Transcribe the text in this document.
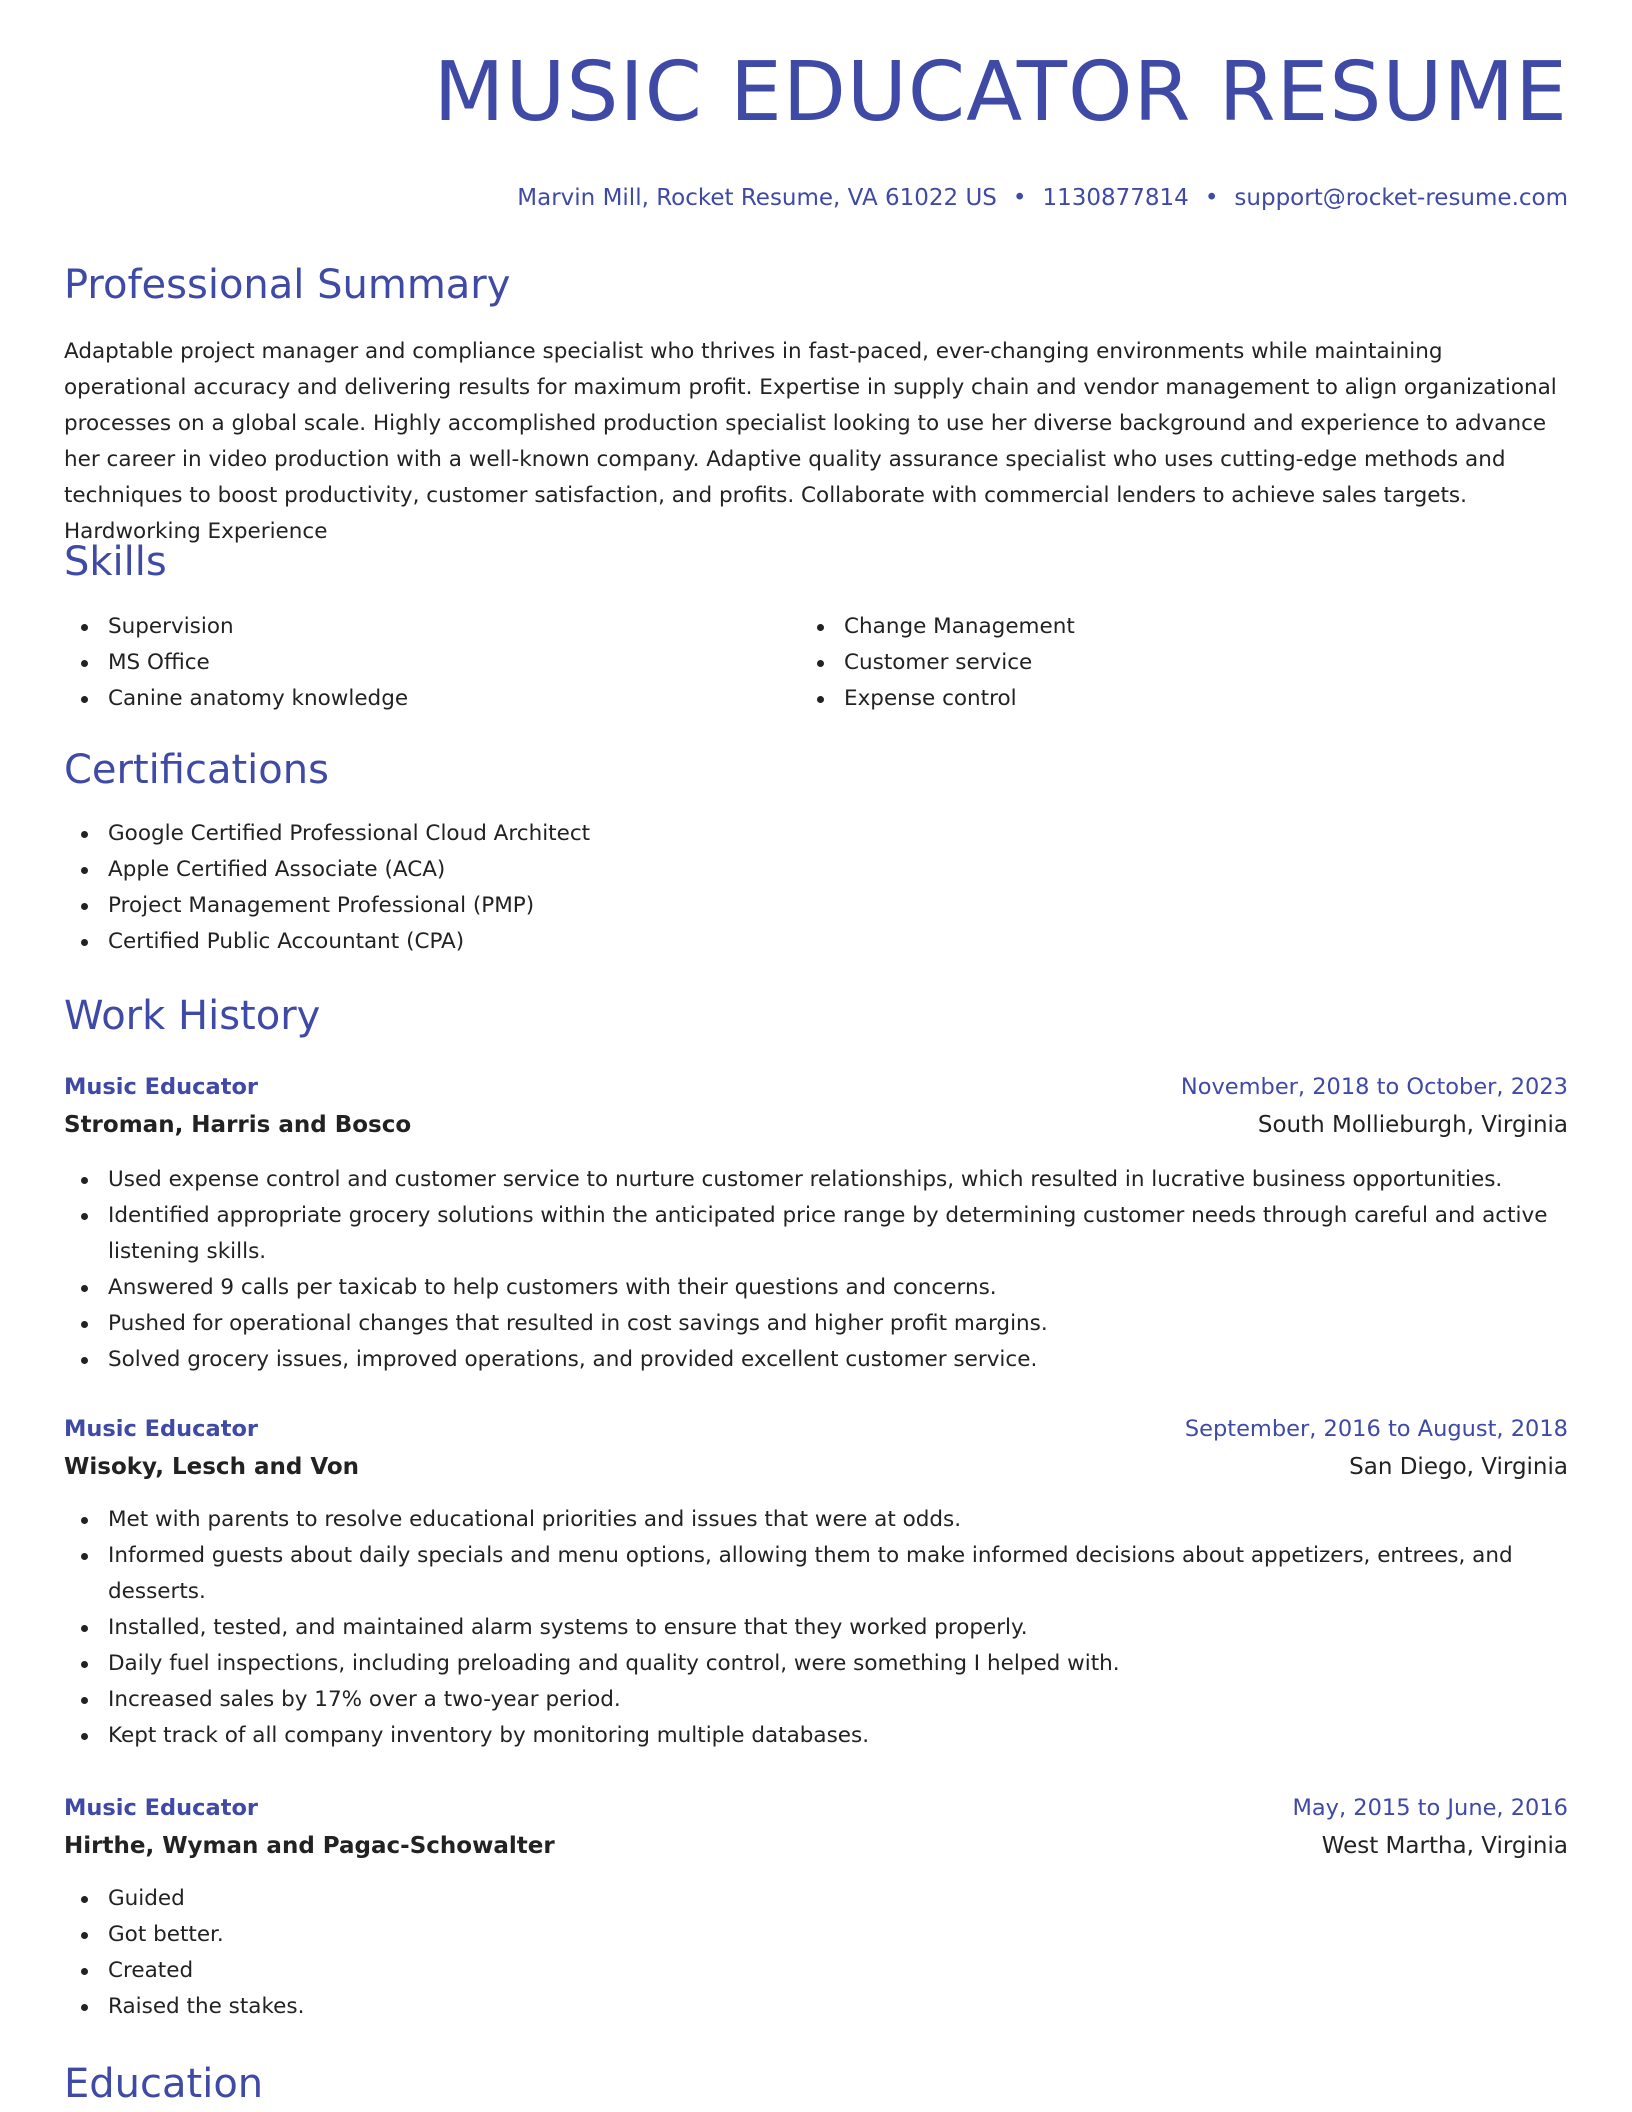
MUSIC EDUCATOR RESUME
Marvin Mill, Rocket Resume, VA 61022 US • 1130877814 • support@rocket-resume.com
Professional Summary

Adaptable project manager and compliance specialist who thrives in fast-paced, ever-changing environments while maintaining operational accuracy and delivering results for maximum profit. Expertise in supply chain and vendor management to align organizational processes on a global scale. Highly accomplished production specialist looking to use her diverse background and experience to advance her career in video production with a well-known company. Adaptive quality assurance specialist who uses cutting-edge methods and techniques to boost productivity, customer satisfaction, and profits. Collaborate with commercial lenders to achieve sales targets. Hardworking Experience

Skills
Supervision
MS Office
Canine anatomy knowledge
Change Management
Customer service
Expense control
Certifications
Google Certified Professional Cloud Architect
Apple Certified Associate (ACA)
Project Management Professional (PMP)
Certified Public Accountant (CPA)
Work History
Music Educator	November, 2018 to October, 2023
Stroman, Harris and Bosco	South Mollieburgh, Virginia
Used expense control and customer service to nurture customer relationships, which resulted in lucrative business opportunities.
Identified appropriate grocery solutions within the anticipated price range by determining customer needs through careful and active listening skills.
Answered 9 calls per taxicab to help customers with their questions and concerns.
Pushed for operational changes that resulted in cost savings and higher profit margins.
Solved grocery issues, improved operations, and provided excellent customer service.
Music Educator	September, 2016 to August, 2018
Wisoky, Lesch and Von	San Diego, Virginia
Met with parents to resolve educational priorities and issues that were at odds.
Informed guests about daily specials and menu options, allowing them to make informed decisions about appetizers, entrees, and desserts.
Installed, tested, and maintained alarm systems to ensure that they worked properly.
Daily fuel inspections, including preloading and quality control, were something I helped with.
Increased sales by 17% over a two-year period.
Kept track of all company inventory by monitoring multiple databases.
Music Educator	May, 2015 to June, 2016
Hirthe, Wyman and Pagac-Schowalter	West Martha, Virginia
Guided
Got better.
Created
Raised the stakes.
Education
